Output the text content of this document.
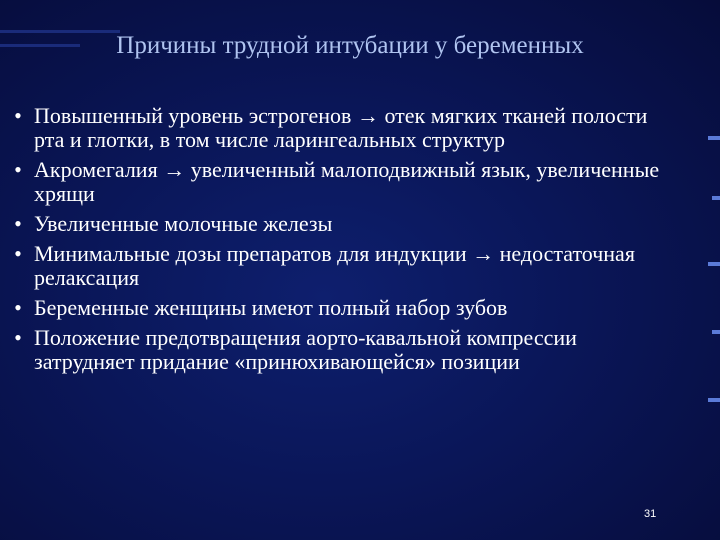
Причины трудной интубации у беременных
• Повышенный уровень эстрогенов → отек мягких тканей полости рта и глотки, в том числе ларингеальных структур
• Акромегалия → увеличенный малоподвижный язык, увеличенные хрящи
• Увеличенные молочные железы
• Минимальные дозы препаратов для индукции → недостаточная релаксация
• Беременные женщины имеют полный набор зубов
• Положение предотвращения аорто-кавальной компрессии затрудняет придание «принюхивающейся» позиции
31
